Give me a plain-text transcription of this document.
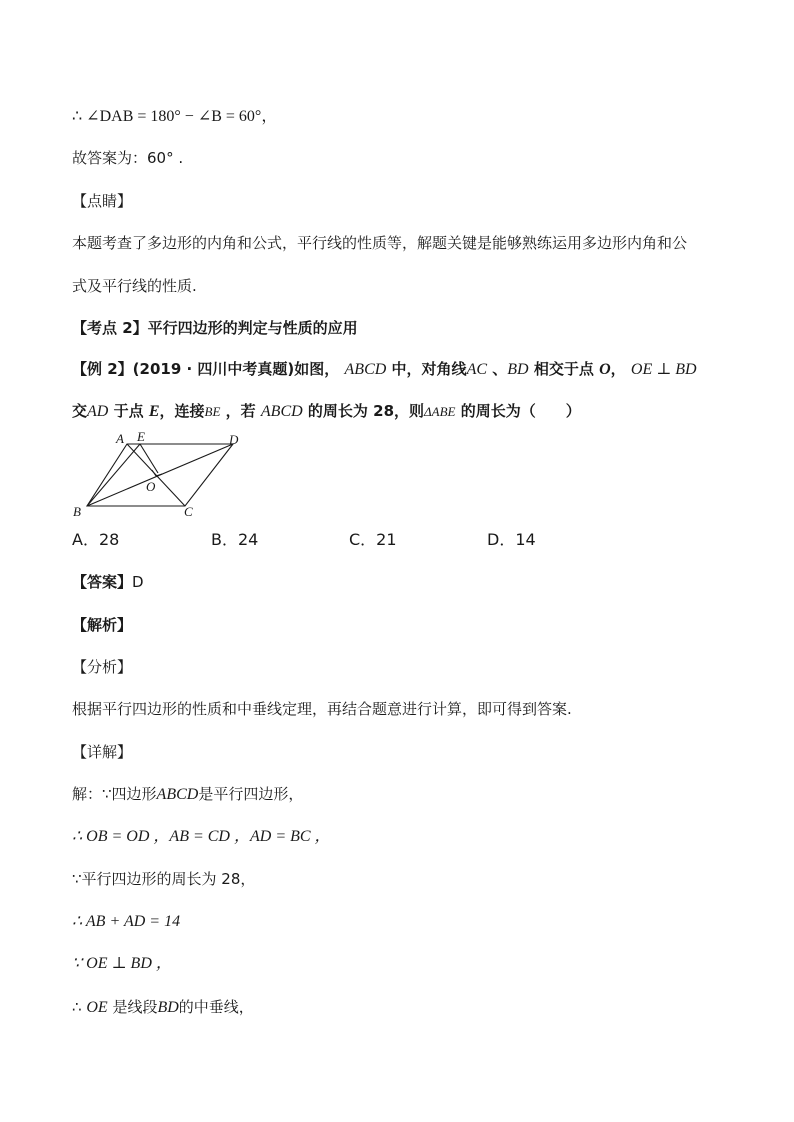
∴ ∠DAB = 180° − ∠B = 60°，
故答案为：60° .
【点睛】
本题考查了多边形的内角和公式，平行线的性质等，解题关键是能够熟练运用多边形内角和公
式及平行线的性质.
【考点 2】平行四边形的判定与性质的应用
【例 2】(2019 · 四川中考真题)如图， ABCD 中，对角线AC 、BD 相交于点 O， OE ⊥ BD
交AD 于点 E，连接BE ，若 ABCD 的周长为 28，则ΔABE 的周长为（　　）
A E	D
O
B	C
A．28	B．24	C．21	D．14
【答案】D
【解析】
【分析】
根据平行四边形的性质和中垂线定理，再结合题意进行计算，即可得到答案.
【详解】
解：∵四边形ABCD是平行四边形，
∴ OB = OD ，AB = CD ，AD = BC ，
∵平行四边形的周长为 28，
∴ AB + AD = 14
∵ OE ⊥ BD ，
∴ OE 是线段BD的中垂线，
